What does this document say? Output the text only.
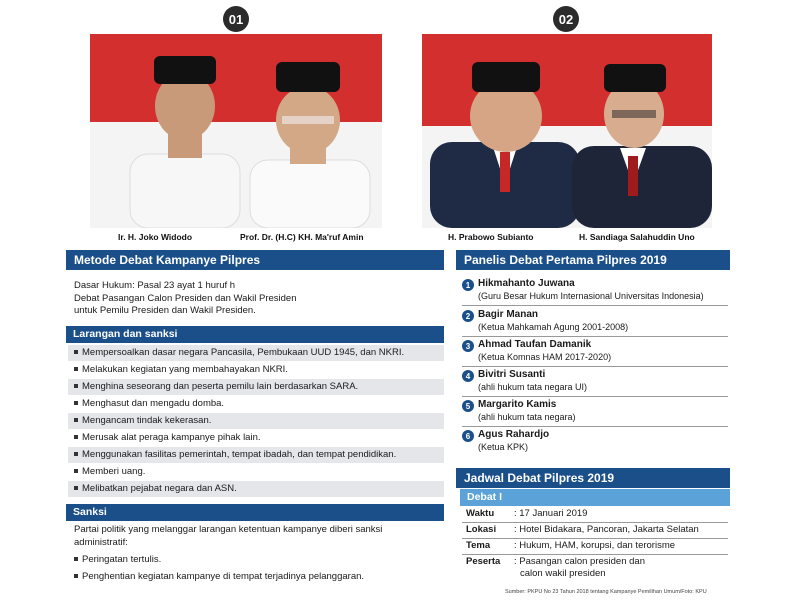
01	02
Ir. H. Joko Widodo	Prof. Dr. (H.C) KH. Ma'ruf Amin	H. Prabowo Subianto	H. Sandiaga Salahuddin Uno
Metode Debat Kampanye Pilpres
Dasar Hukum: Pasal 23 ayat 1 huruf h
Debat Pasangan Calon Presiden dan Wakil Presiden
untuk Pemilu Presiden dan Wakil Presiden.
Larangan dan sanksi
Mempersoalkan dasar negara Pancasila, Pembukaan UUD 1945, dan NKRI.
Melakukan kegiatan yang membahayakan NKRI.
Menghina seseorang dan peserta pemilu lain berdasarkan SARA.
Menghasut dan mengadu domba.
Mengancam tindak kekerasan.
Merusak alat peraga kampanye pihak lain.
Menggunakan fasilitas pemerintah, tempat ibadah, dan tempat pendidikan.
Memberi uang.
Melibatkan pejabat negara dan ASN.
Sanksi
Partai politik yang melanggar larangan ketentuan kampanye diberi sanksi
administratif:
Peringatan tertulis.
Penghentian kegiatan kampanye di tempat terjadinya pelanggaran.
Panelis Debat Pertama Pilpres 2019
1 Hikmahanto Juwana
(Guru Besar Hukum Internasional Universitas Indonesia)
2 Bagir Manan
(Ketua Mahkamah Agung 2001-2008)
3 Ahmad Taufan Damanik
(Ketua Komnas HAM 2017-2020)
4 Bivitri Susanti
(ahli hukum tata negara UI)
5 Margarito Kamis
(ahli hukum tata negara)
6 Agus Rahardjo
(Ketua KPK)
Jadwal Debat Pilpres 2019
Debat I
Waktu : 17 Januari 2019
Lokasi : Hotel Bidakara, Pancoran, Jakarta Selatan
Tema	: Hukum, HAM, korupsi, dan terorisme
Peserta : Pasangan calon presiden dan
calon wakil presiden
Sumber: PKPU No 23 Tahun 2018 tentang Kampanye Pemilihan Umum/Foto: KPU
